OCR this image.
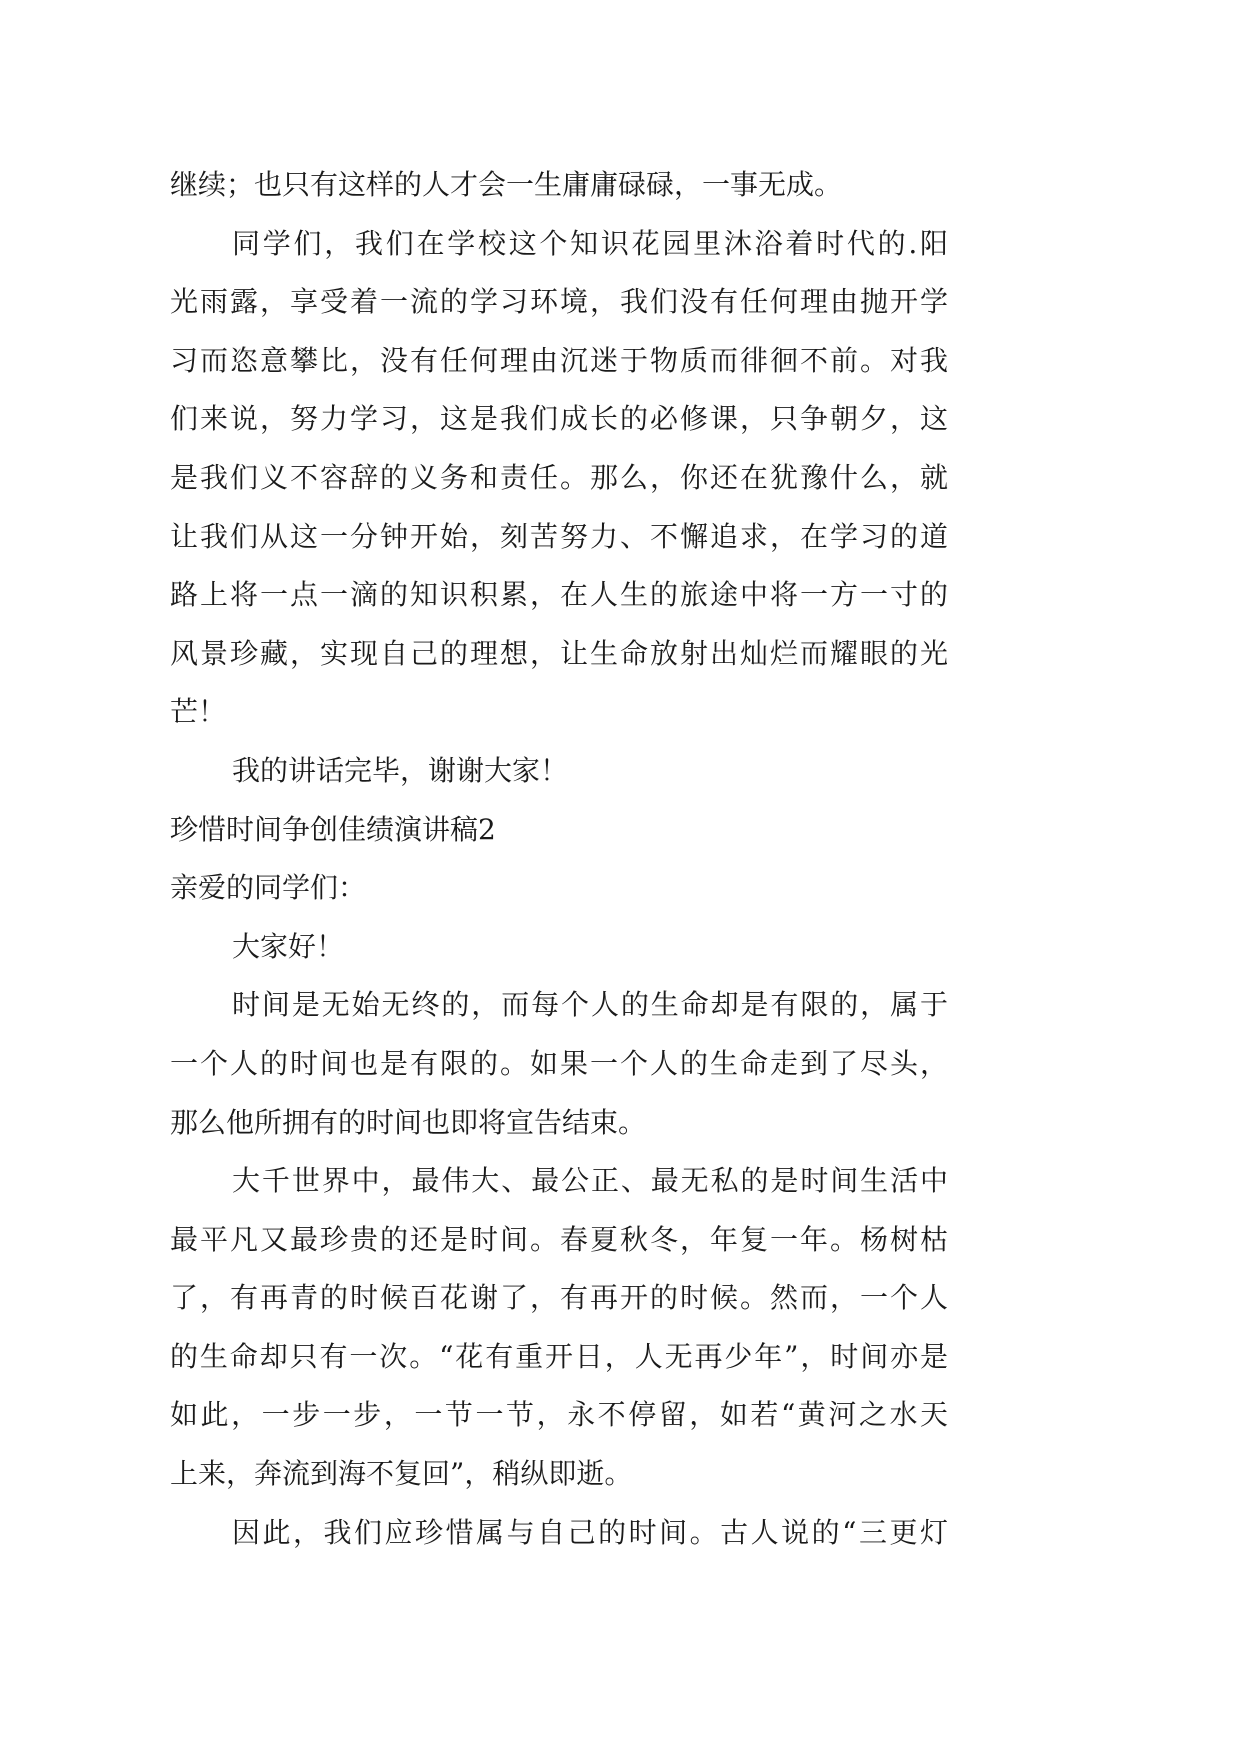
继续；也只有这样的人才会一生庸庸碌碌，一事无成。
同学们，我们在学校这个知识花园里沐浴着时代的.阳
光雨露，享受着一流的学习环境，我们没有任何理由抛开学
习而恣意攀比，没有任何理由沉迷于物质而徘徊不前。对我
们来说，努力学习，这是我们成长的必修课，只争朝夕，这
是我们义不容辞的义务和责任。那么，你还在犹豫什么，就
让我们从这一分钟开始，刻苦努力、不懈追求，在学习的道
路上将一点一滴的知识积累，在人生的旅途中将一方一寸的
风景珍藏，实现自己的理想，让生命放射出灿烂而耀眼的光
芒！
我的讲话完毕，谢谢大家！
珍惜时间争创佳绩演讲稿2
亲爱的同学们：
大家好！
时间是无始无终的，而每个人的生命却是有限的，属于
一个人的时间也是有限的。如果一个人的生命走到了尽头，
那么他所拥有的时间也即将宣告结束。
大千世界中，最伟大、最公正、最无私的是时间生活中
最平凡又最珍贵的还是时间。春夏秋冬，年复一年。杨树枯
了，有再青的时候百花谢了，有再开的时候。然而，一个人
的生命却只有一次。“花有重开日，人无再少年”，时间亦是
如此，一步一步，一节一节，永不停留，如若“黄河之水天
上来，奔流到海不复回”，稍纵即逝。
因此，我们应珍惜属与自己的时间。古人说的“三更灯
